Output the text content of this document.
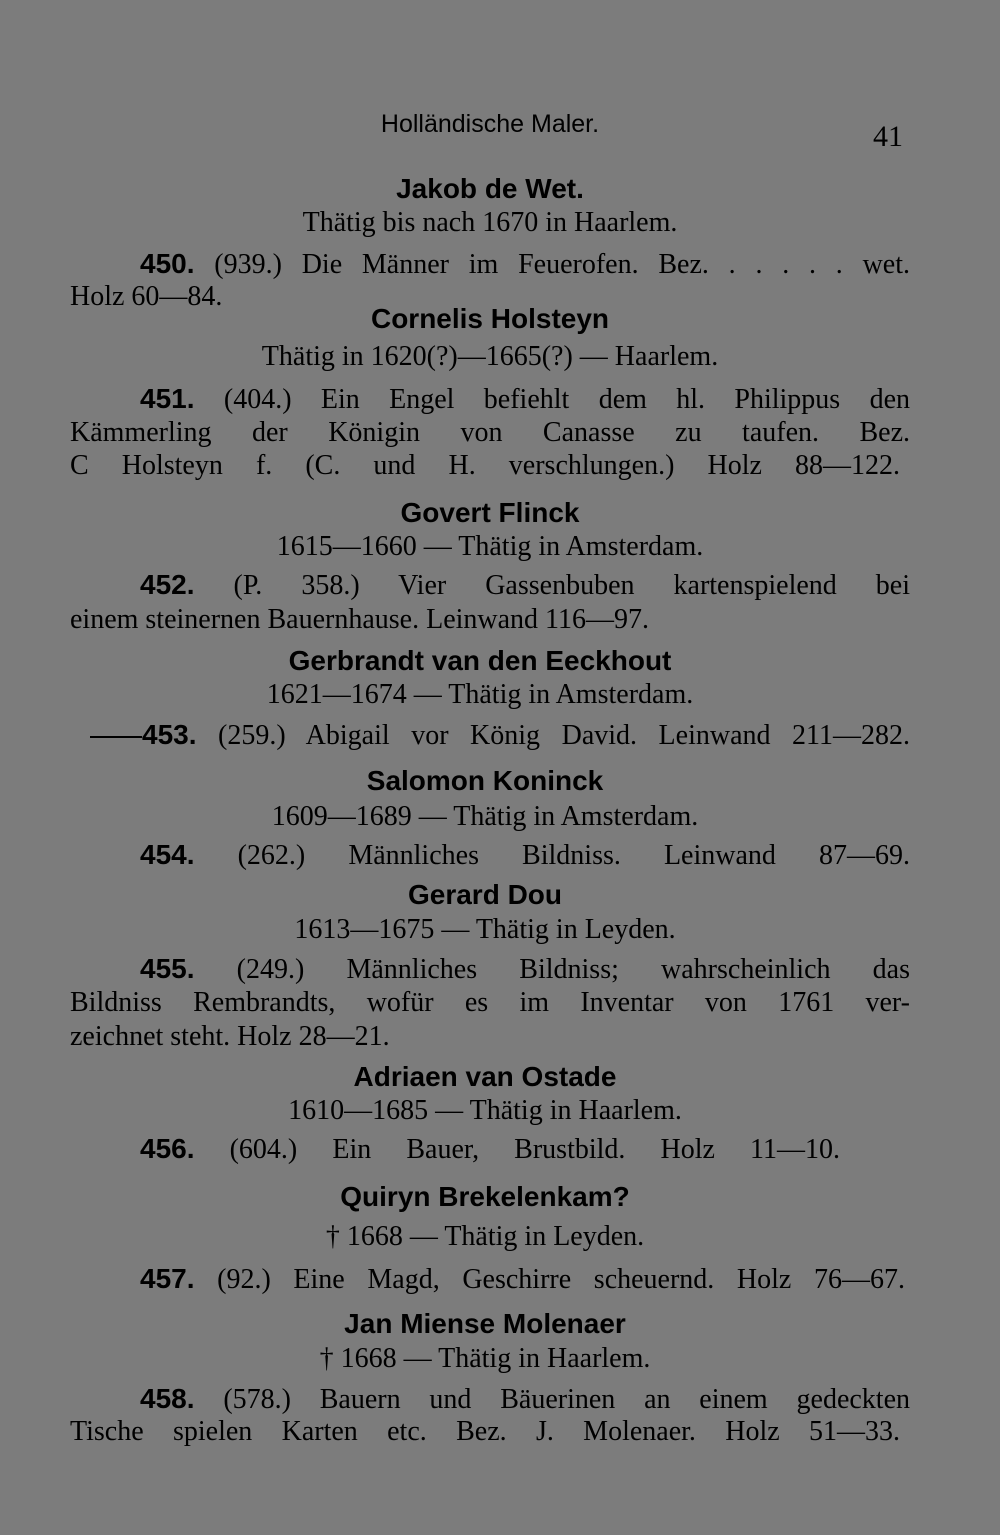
Holländische Maler.	41
Jakob de Wet.
Thätig bis nach 1670 in Haarlem.
450. (939.) Die Männer im Feuerofen. Bez. . . . . . wet.
Holz 60—84.
Cornelis Holsteyn
Thätig in 1620(?)—1665(?) — Haarlem.
451. (404.) Ein Engel befiehlt dem hl. Philippus den
Kämmerling der Königin von Canasse zu taufen. Bez.
C Holsteyn f. (C. und H. verschlungen.) Holz 88—122.
Govert Flinck
1615—1660 — Thätig in Amsterdam.
452. (P. 358.) Vier Gassenbuben kartenspielend bei
einem steinernen Bauernhause. Leinwand 116—97.
Gerbrandt van den Eeckhout
1621—1674 — Thätig in Amsterdam.
453. (259.) Abigail vor König David. Leinwand 211—282.
Salomon Koninck
1609—1689 — Thätig in Amsterdam.
454. (262.) Männliches Bildniss. Leinwand 87—69.
Gerard Dou
1613—1675 — Thätig in Leyden.
455. (249.) Männliches Bildniss; wahrscheinlich das
Bildniss Rembrandts, wofür es im Inventar von 1761 ver-
zeichnet steht. Holz 28—21.
Adriaen van Ostade
1610—1685 — Thätig in Haarlem.
456. (604.) Ein Bauer, Brustbild. Holz 11—10.
Quiryn Brekelenkam?
† 1668 — Thätig in Leyden.
457. (92.) Eine Magd, Geschirre scheuernd. Holz 76—67.
Jan Miense Molenaer
† 1668 — Thätig in Haarlem.
458. (578.) Bauern und Bäuerinen an einem gedeckten
Tische spielen Karten etc. Bez. J. Molenaer. Holz 51—33.
